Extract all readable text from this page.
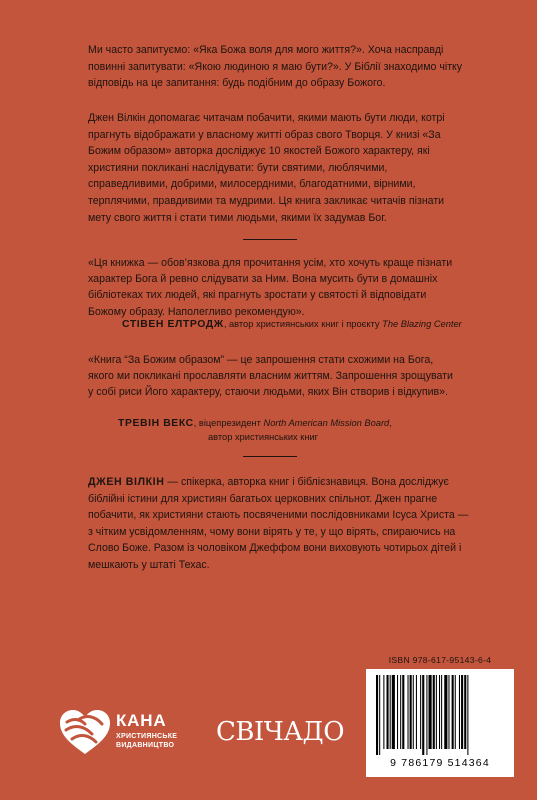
Ми часто запитуємо: «Яка Божа воля для мого життя?». Хоча насправді повинні запитувати: «Якою людиною я маю бути?». У Біблії знаходимо чітку відповідь на це запитання: будь подібним до образу Божого.

Джен Вілкін допомагає читачам побачити, якими мають бути люди, котрі прагнуть відображати у власному житті образ свого Творця. У книзі «За Божим образом» авторка досліджує 10 якостей Божого характеру, які християни покликані наслідувати: бути святими, люблячими, справедливими, добрими, милосердними, благодатними, вірними, терплячими, правдивими та мудрими. Ця книга закликає читачів пізнати мету свого життя і стати тими людьми, якими їх задумав Бог.

«Ця книжка — обов’язкова для прочитання усім, хто хочуть краще пізнати характер Бога й ревно слідувати за Ним. Вона мусить бути в домашніх бібліотеках тих людей, які прагнуть зростати у святості й відповідати Божому образу. Наполегливо рекомендую».

СТІВЕН ЕЛТРОДЖ, автор християнських книг і проєкту The Blazing Center

«Книга “За Божим образом” — це запрошення стати схожими на Бога, якого ми покликані прославляти власним життям. Запрошення зрощувати у собі риси Його характеру, стаючи людьми, яких Він створив і відкупив».

ТРЕВІН ВЕКС, віцепрезидент North American Mission Board,
автор християнських книг

ДЖЕН ВІЛКІН — спікерка, авторка книг і біблієзнавиця. Вона досліджує біблійні істини для християн багатьох церковних спільнот. Джен прагне побачити, як християни стають посвяченими послідовниками Ісуса Христа — з чітким усвідомленням, чому вони вірять у те, у що вірять, спираючись на Слово Боже. Разом із чоловіком Джеффом вони виховують чотирьох дітей і мешкають у штаті Техас.

КАНА
ХРИСТИЯНСЬКЕ
ВИДАВНИЦТВО СВІЧАДО
ISBN 978-617-95143-6-4
9 786179 514364
